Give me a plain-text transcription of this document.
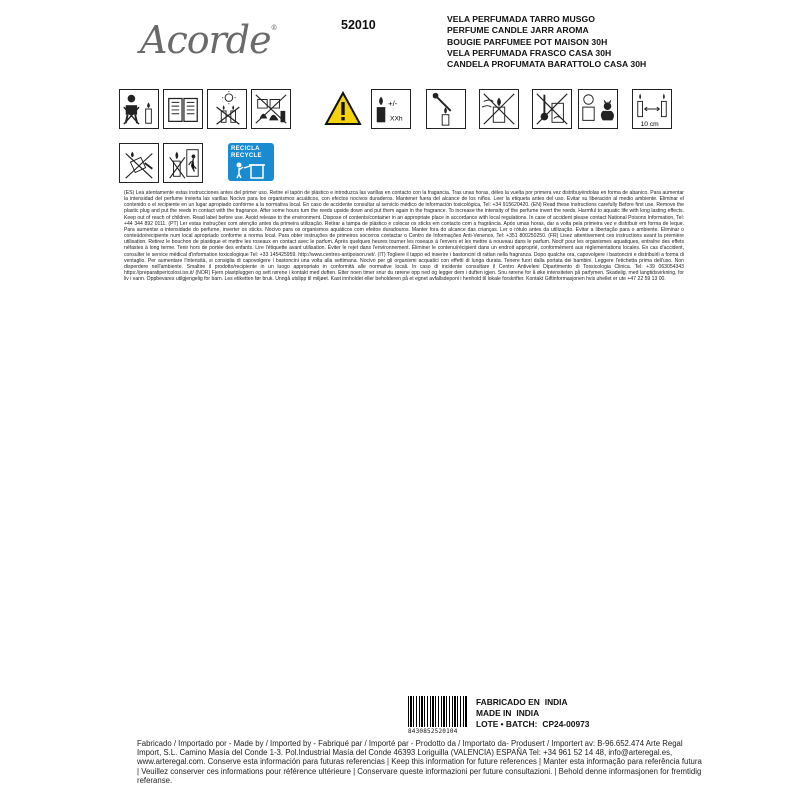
Acorde®	52010	VELA PERFUMADA TARRO MUSGO
PERFUME CANDLE JARR AROMA
BOUGIE PARFUMEE POT MAISON 30H
VELA PERFUMADA FRASCO CASA 30H
CANDELA PROFUMATA BARATTOLO CASA 30H
+/-
XXh
10 cm
RECICLA
RECYCLE
(ES) Lea atentamente estas instrucciones antes del primer uso. Retire el tapón de plástico e introduzca las varillas en contacto con la fragancia. Tras unas horas, déles la vuelta por primera vez distribuyéndolas en forma de abanico. Para aumentar la intensidad del perfume invierta las varillas Nocivo para los organismos acuáticos, con efectos nocivos duraderos. Mantener fuera del alcance de los niños. Leer la etiqueta antes del uso. Evitar su liberación al medio ambiente. Eliminar el contenido o el recipiente en un lugar apropiado conforme a la normativa local. En caso de accidente consultar al servicio médico de información toxicológica, Tel: +34 915620420. (EN) Read these instructions carefully Before first use. Remove the plastic plug and put the reeds in contact with the fragrance. After some hours turn the reeds upside down and put them again in the fragrance. To increase the intensity of the perfume invert the reeds. Harmful to aquatic life with long lasting effects. Keep out of reach of children. Read label before use. Avoid release to the environment. Dispose of contents/container in an appropriate place in accordance with local regulations. In case of accident please contact National Poisons Information, Tel: +44 344 892 0111. (PT) Ler estas instruções com atenção antes da primeira utilização. Retirar a tampa de plástico e colocar os sticks em contacto com a fragrância. Após umas horas, dar a volta pela primeira vez e distribuir em forma de leque. Para aumentar a intensidade do perfume, inverter os sticks. Nocivo para os organismos aquáticos com efeitos duradouros. Manter fora do alcance das crianças. Ler o rótulo antes da utilização. Evitar a libertação para o ambiente. Eliminar o conteúdo/recipiente num local apropriado conforme a norma local. Para obter instruções de primeiros socorros contactar o Centro de Informações Anti-Venenos, Tel: +351 800250250. (FR) Lisez attentivement ces instructions avant la première utilisation. Retirez le bouchon de plastique et mettre les roseaux en contact avec le parfum. Après quelques heures tourner les roseaux à l'envers et les mettre à nouveau dans le parfum. Nocif pour les organismes aquatiques, entraîne des effets néfastes à long terme. Tenir hors de portée des enfants. Lire l'étiquette avant utilisation. Éviter le rejet dans l'environnement. Éliminer le contenu/récipient dans un endroit approprié, conformément aux réglementations locales. En cas d'accident, consulter le service médical d'information toxicologique Tel: +33 145425959. http://www.centres-antipoison.net/. (IT) Togliere il tappo ed inserire i bastoncini di rattan nella fragranza. Dopo qualche ora, capovolgere i bastoncini e distribuirli a forma di ventaglio. Per aumentare l'intensità, si consiglia di capovolgere i bastoncini una volta alla settimana. Nocivo per gli organismi acquatici con effetti di lunga durata. Tenere fuori dalla portata dei bambini. Leggere l'etichetta prima dell'uso. Non disperdere nell'ambiente. Smaltire il prodotto/recipiente in un luogo appropriato in conformità alle normative locali. In caso di incidente consultare il Centro Antiveleni Dipartimento di Tossicologia Clinica. Tel: +39 063054343 https://preparatipericolosi.iss.it/ (NOR) Fjern plastpluggen og sett rørene i kontakt med duften. Etter noen timer snur du rørene opp ned og legger dem i duften igjen. Snu rørene for å øke intensiteten på parfymen. Skadelig, med langtidsvirkning, for liv i vann. Oppbevares utilgjengelig for barn. Les etiketten før bruk. Unngå utslipp til miljøet. Kast innholdet eller beholderen på et egnet avfallsdeponi i henhold til lokale forskrifter. Kontakt Giftinformasjonen hvis uhellet er ute +47 22 59 13 00.
8430852520104
FABRICADO EN INDIA
MADE IN INDIA
LOTE • BATCH: CP24-00973
Fabricado / Importado por - Made by / Imported by - Fabriqué par / Importé par - Prodotto da / Importato da- Produsert / Importert av: B-96.652.474 Arte Regal Import, S.L. Camino Masía del Conde 1-3. Pol.Industrial Masía del Conde 46393 Loriguilla (VALENCIA) ESPAÑA Tel: +34 961 52 14 48, info@arteregal.es, www.arteregal.com. Conserve esta información para futuras referencias | Keep this information for future references | Manter esta informação para referência futura | Veuillez conserver ces informations pour référence ultérieure | Conservare queste informazioni per future consultazioni. | Behold denne informasjonen for fremtidig referanse.
